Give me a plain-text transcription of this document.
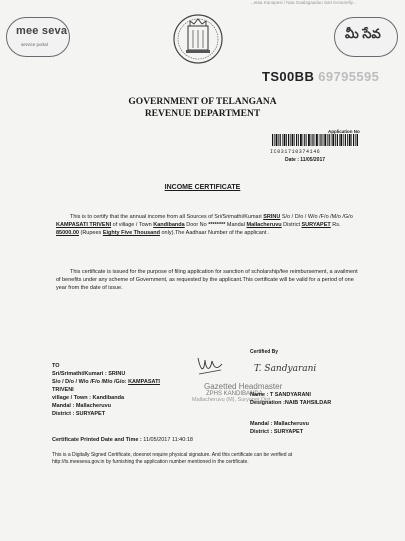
...etaa Kanapesi / Naa Gaalagaaduu Sari Kevanelly...
mee seva
service portal
మీ సేవ
TS00BB 69795595
GOVERNMENT OF TELANGANA
REVENUE DEPARTMENT
Application No
IC031710374146
Date : 11/05/2017
INCOME CERTIFICATE
This is to certify that the annual income from all Sources of Sri/Srimathi/Kumari SRINU S/o / D/o / W/o /F/o /M/o /G/o KAMPASATI TRIVENI of village / Town Kandibanda Door No ******** Mandal Mallacheruvu District SURYAPET Rs. 85000.00 (Rupees Eighty Five Thousand only).The Aadhaar Number of the applicant .
This certificate is issued for the purpose of filing application for sanction of scholarship/fee reimbursement, a availment of benefits under any scheme of Government, as requested by the applicant.This certificate will be valid for a period of one year from the date of issue.
TO
Sri/Srimathi/Kumari : SRINU
S/o / D/o / W/o /F/o /M/o /G/o: KAMPASATI
TRIVENI
village / Town : Kandibanda
Mandal : Mallacheruvu
District : SURYAPET
Certified By
T. Sandyarani
Gazetted Headmaster
ZPHS KANDIBANDA
Mallacheruvu (M), Suryapet Dist
Name : T SANDYARANI
Designation :NAIB TAHSILDAR
Mandal : Mallacheruvu
District : SURYAPET
Certificate Printed Date and Time : 11/05/2017 11:40:18
This is a Digitally Signed Certificate, doesnot require physical signature. And this certificate can be verified at
http://ts.meeseva.gov.in by furnishing the application number mentioned in the certificate.
